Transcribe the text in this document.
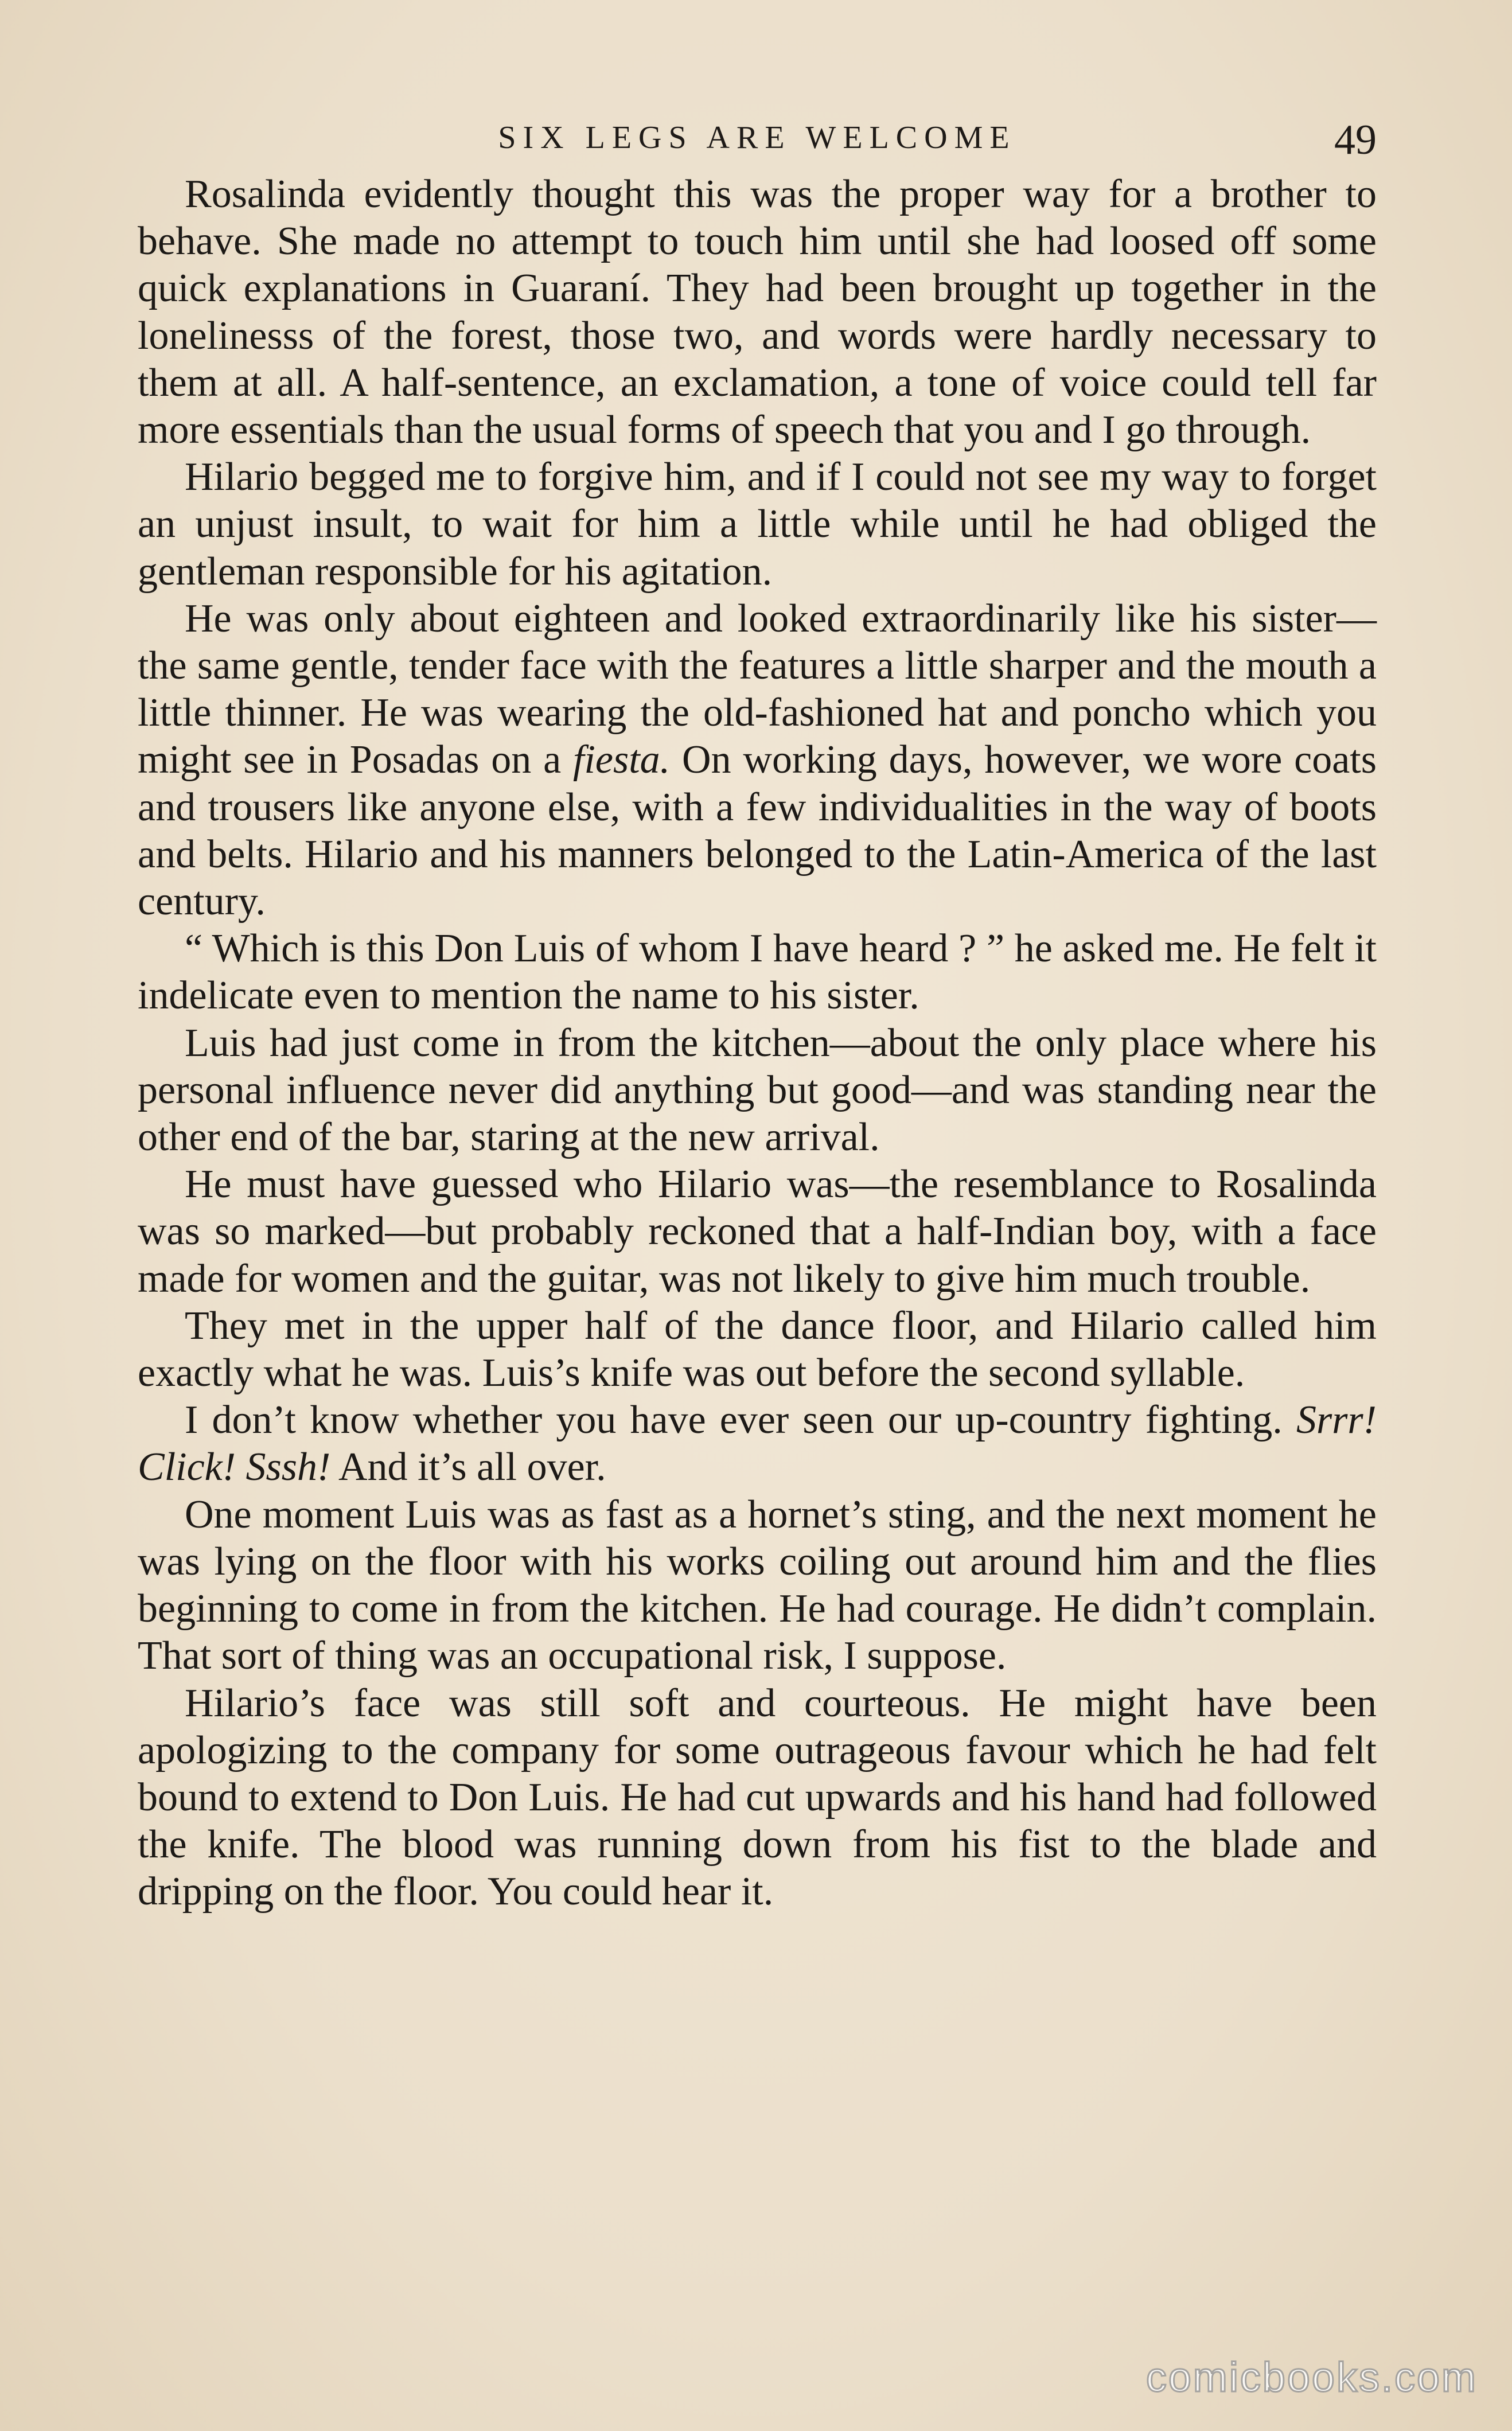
SIX LEGS ARE WELCOME	49

Rosalinda evidently thought this was the proper way for a brother to behave. She made no attempt to touch him until she had loosed off some quick explanations in Guaraní. They had been brought up together in the lonelinesss of the forest, those two, and words were hardly necessary to them at all. A half-sentence, an exclamation, a tone of voice could tell far more essentials than the usual forms of speech that you and I go through.

Hilario begged me to forgive him, and if I could not see my way to forget an unjust insult, to wait for him a little while until he had obliged the gentleman responsible for his agitation.

He was only about eighteen and looked extraordinarily like his sister—the same gentle, tender face with the features a little sharper and the mouth a little thinner. He was wearing the old-fashioned hat and poncho which you might see in Posadas on a fiesta. On working days, however, we wore coats and trousers like anyone else, with a few individualities in the way of boots and belts. Hilario and his manners belonged to the Latin-America of the last century.

“ Which is this Don Luis of whom I have heard ? ” he asked me. He felt it indelicate even to mention the name to his sister.

Luis had just come in from the kitchen—about the only place where his personal influence never did anything but good—and was standing near the other end of the bar, staring at the new arrival.

He must have guessed who Hilario was—the resemblance to Rosalinda was so marked—but probably reckoned that a half-Indian boy, with a face made for women and the guitar, was not likely to give him much trouble.

They met in the upper half of the dance floor, and Hilario called him exactly what he was. Luis’s knife was out before the second syllable.

I don’t know whether you have ever seen our up-country fighting. Srrr! Click! Sssh! And it’s all over.

One moment Luis was as fast as a hornet’s sting, and the next moment he was lying on the floor with his works coiling out around him and the flies beginning to come in from the kitchen. He had courage. He didn’t complain. That sort of thing was an occupational risk, I suppose.

Hilario’s face was still soft and courteous. He might have been apologizing to the company for some outrageous favour which he had felt bound to extend to Don Luis. He had cut upwards and his hand had followed the knife. The blood was running down from his fist to the blade and dripping on the floor. You could hear it.

comicbooks.com
